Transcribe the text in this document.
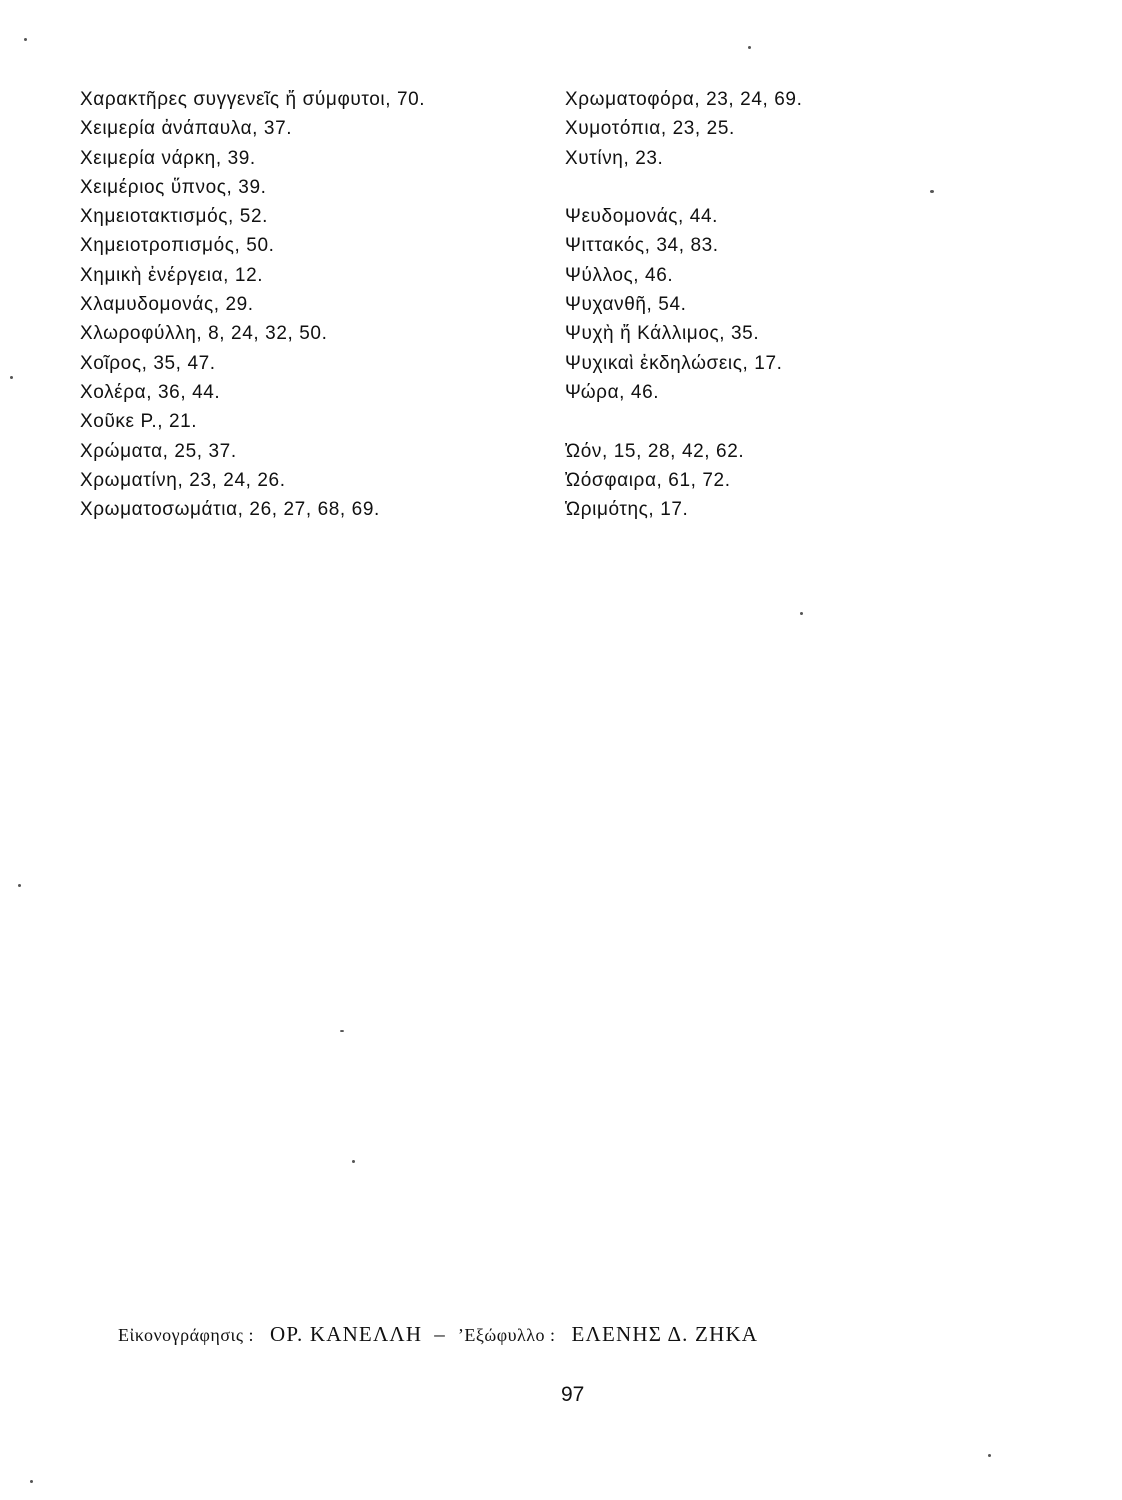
Χαρακτῆρες συγγενεῖς ἤ σύμφυτοι, 70.
Χειμερία ἀνάπαυλα, 37.
Χειμερία νάρκη, 39.
Χειμέριος ὕπνος, 39.
Χημειοτακτισμός, 52.
Χημειοτροπισμός, 50.
Χημικὴ ἐνέργεια, 12.
Χλαμυδομονάς, 29.
Χλωροφύλλη, 8, 24, 32, 50.
Χοῖρος, 35, 47.
Χολέρα, 36, 44.
Χοῦκε Ρ., 21.
Χρώματα, 25, 37.
Χρωματίνη, 23, 24, 26.
Χρωματοσωμάτια, 26, 27, 68, 69.
Χρωματοφόρα, 23, 24, 69.
Χυμοτόπια, 23, 25.
Χυτίνη, 23.
Ψευδομονάς, 44.
Ψιττακός, 34, 83.
Ψύλλος, 46.
Ψυχανθῆ, 54.
Ψυχὴ ἤ Κάλλιμος, 35.
Ψυχικαὶ ἐκδηλώσεις, 17.
Ψώρα, 46.
Ὠόν, 15, 28, 42, 62.
Ὠόσφαιρα, 61, 72.
Ὡριμότης, 17.
Εἰκονογράφησις : ΟΡ. ΚΑΝΕΛΛΗ – ’Εξώφυλλο : ΕΛΕΝΗΣ Δ. ΖΗΚΑ
97
